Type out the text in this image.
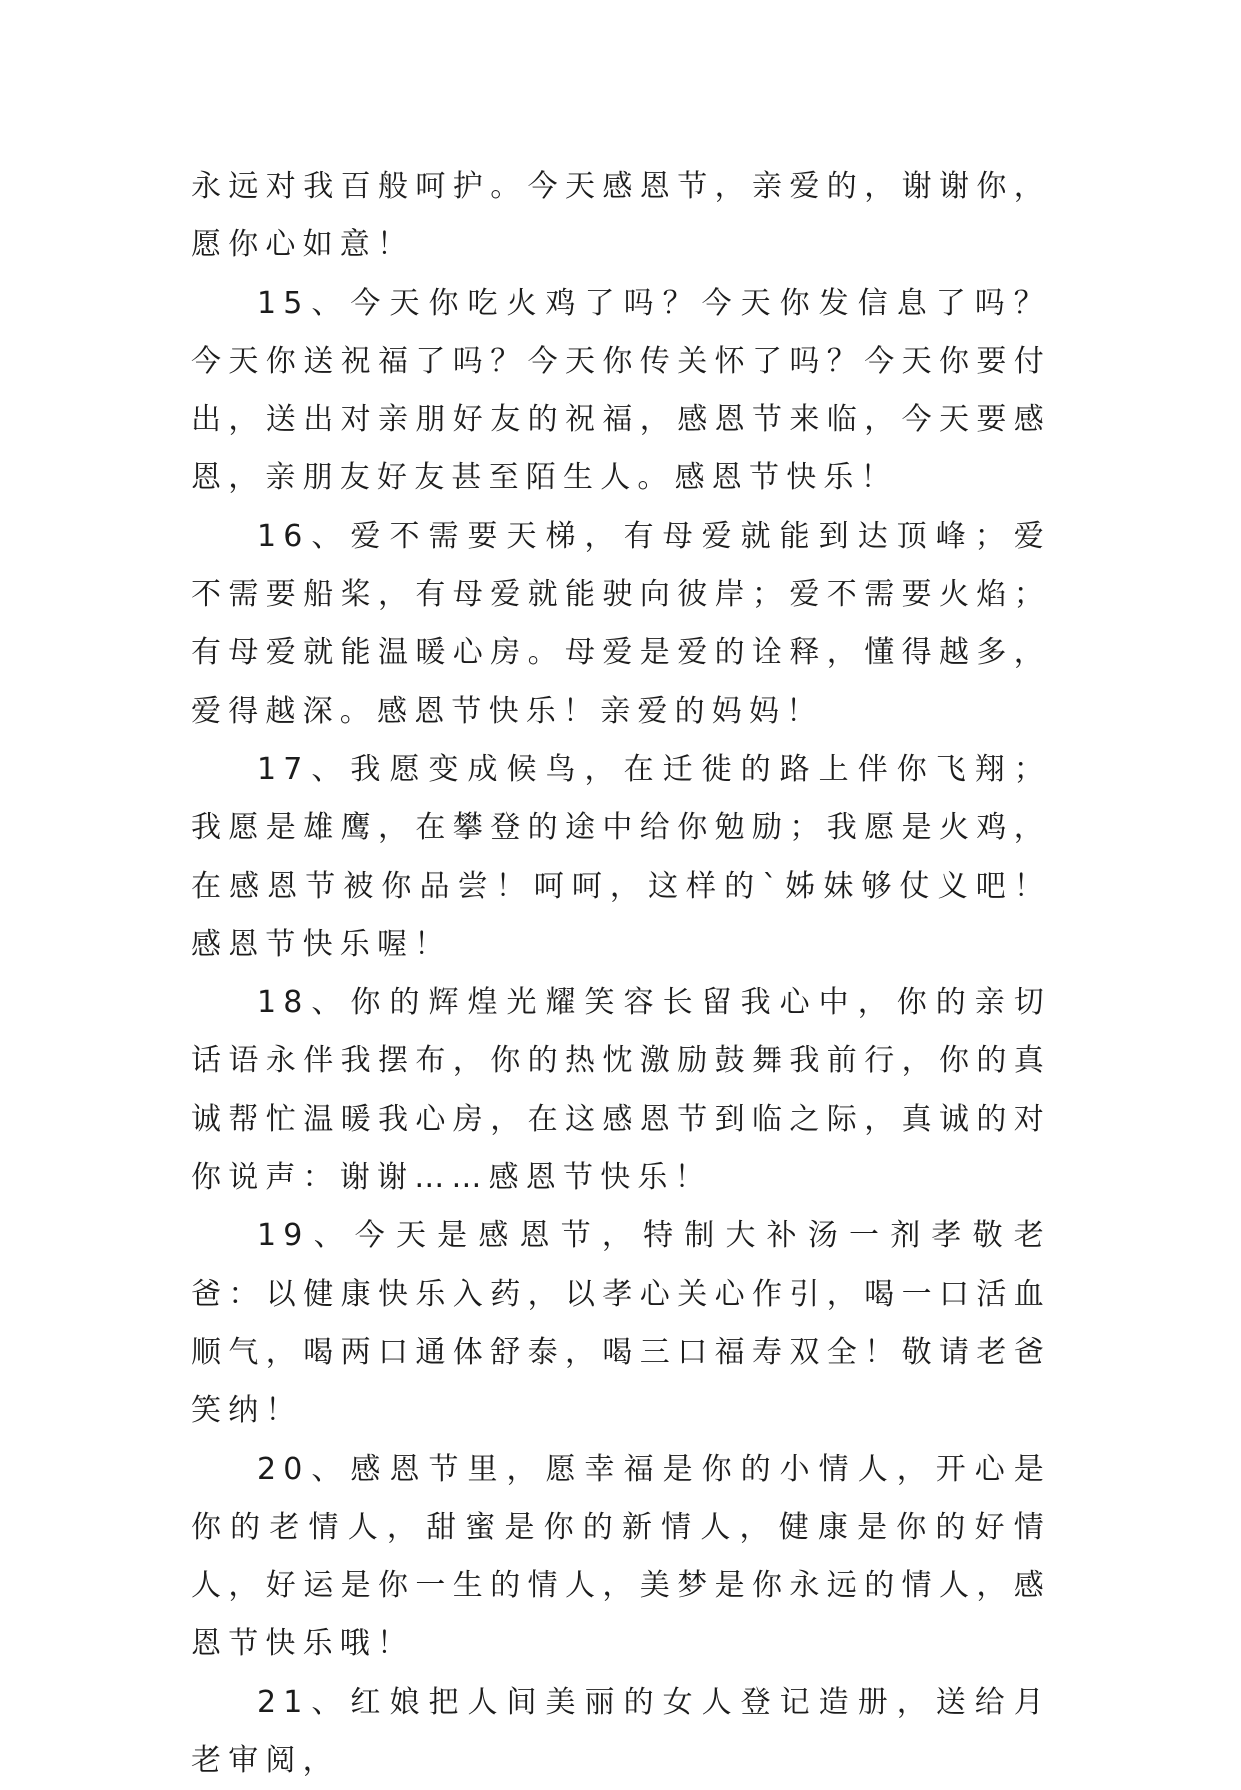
永远对我百般呵护。今天感恩节，亲爱的，谢谢你，愿你心如意！

15、今天你吃火鸡了吗？今天你发信息了吗？今天你送祝福了吗？今天你传关怀了吗？今天你要付出，送出对亲朋好友的祝福，感恩节来临，今天要感恩，亲朋友好友甚至陌生人。感恩节快乐！

16、爱不需要天梯，有母爱就能到达顶峰；爱不需要船桨，有母爱就能驶向彼岸；爱不需要火焰；有母爱就能温暖心房。母爱是爱的诠释，懂得越多，爱得越深。感恩节快乐！亲爱的妈妈！

17、我愿变成候鸟，在迁徙的路上伴你飞翔；我愿是雄鹰，在攀登的途中给你勉励；我愿是火鸡，在感恩节被你品尝！呵呵，这样的`姊妹够仗义吧！感恩节快乐喔！

18、你的辉煌光耀笑容长留我心中，你的亲切话语永伴我摆布，你的热忱激励鼓舞我前行，你的真诚帮忙温暖我心房，在这感恩节到临之际，真诚的对你说声：谢谢……感恩节快乐！

19、今天是感恩节，特制大补汤一剂孝敬老爸：以健康快乐入药，以孝心关心作引，喝一口活血顺气，喝两口通体舒泰，喝三口福寿双全！敬请老爸笑纳！

20、感恩节里，愿幸福是你的小情人，开心是你的老情人，甜蜜是你的新情人，健康是你的好情人，好运是你一生的情人，美梦是你永远的情人，感恩节快乐哦！

21、红娘把人间美丽的女人登记造册，送给月老审阅，
